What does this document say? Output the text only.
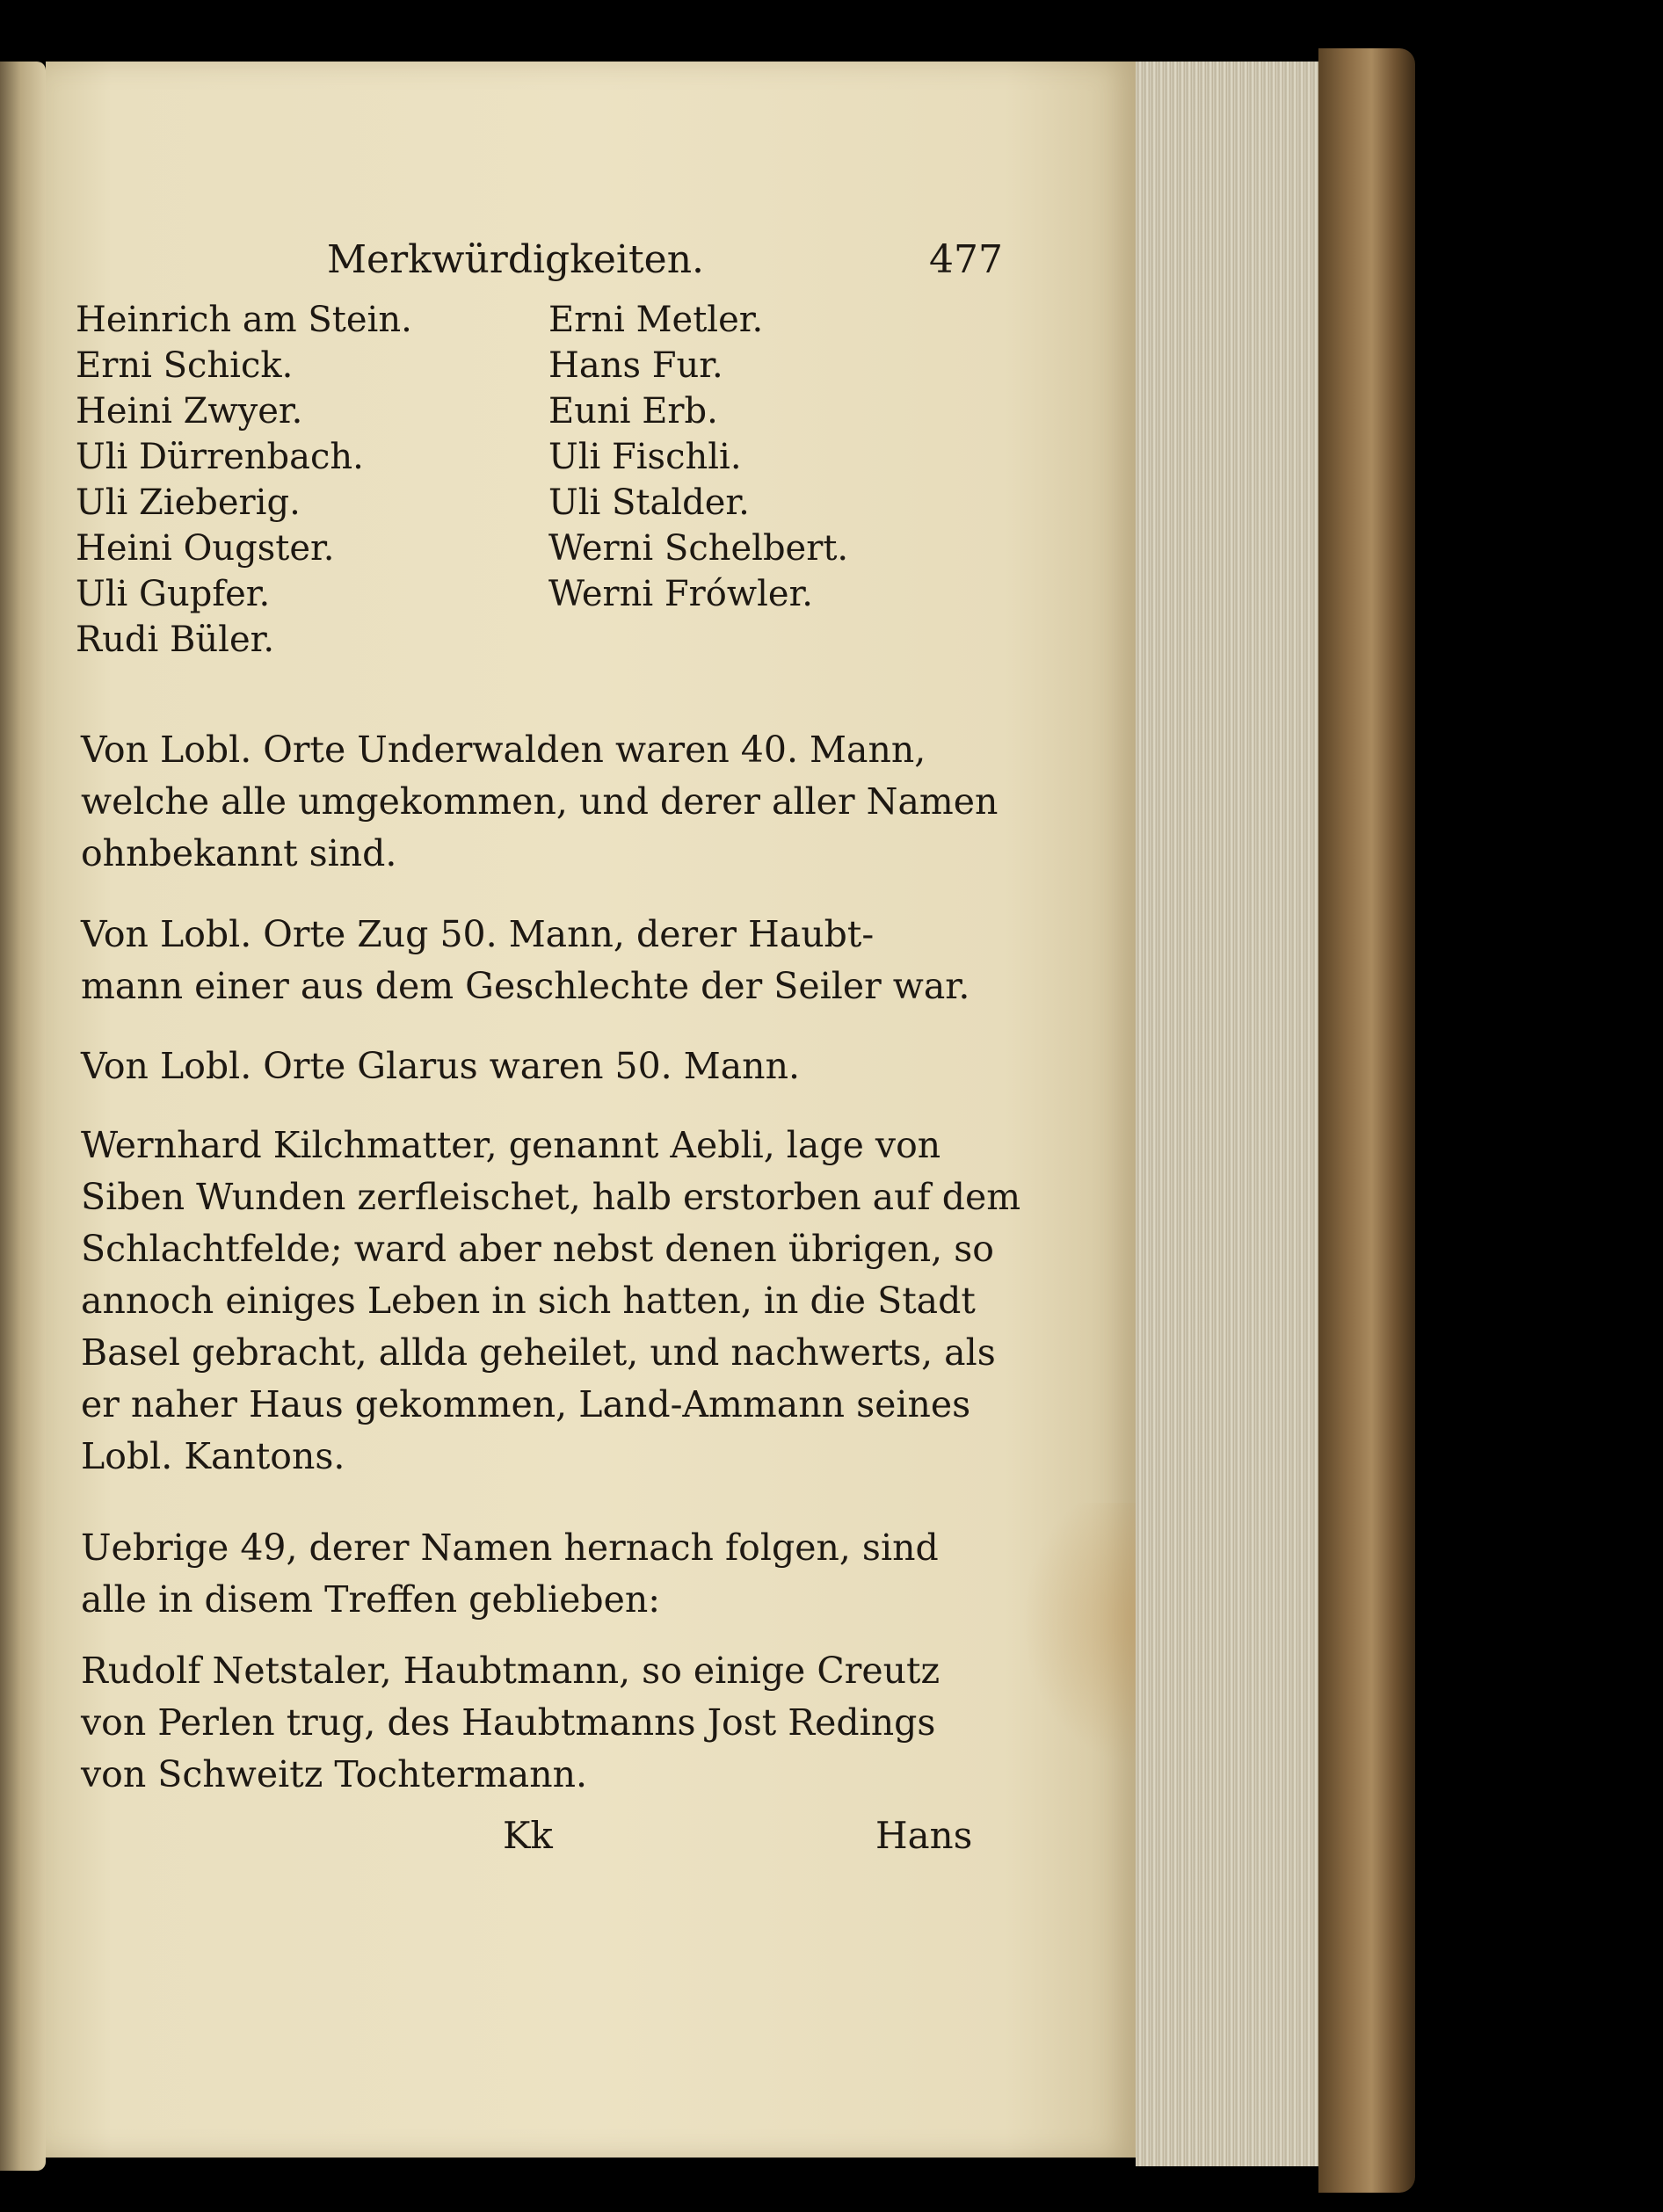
Merkwürdigkeiten.	477
Heinrich am Stein.
Erni Schick.
Heini Zwyer.
Uli Dürrenbach.
Uli Zieberig.
Heini Ougster.
Uli Gupfer.
Rudi Büler.
Erni Metler.
Hans Fur.
Euni Erb.
Uli Fischli.
Uli Stalder.
Werni Schelbert.
Werni Frówler.
Von Lobl. Orte Underwalden waren 40. Mann,
welche alle umgekommen, und derer aller Namen
ohnbekannt sind.
Von Lobl. Orte Zug 50. Mann, derer Haubt-
mann einer aus dem Geschlechte der Seiler war.
Von Lobl. Orte Glarus waren 50. Mann.
Wernhard Kilchmatter, genannt Aebli, lage von
Siben Wunden zerfleischet, halb erstorben auf dem
Schlachtfelde; ward aber nebst denen übrigen, so
annoch einiges Leben in sich hatten, in die Stadt
Basel gebracht, allda geheilet, und nachwerts, als
er naher Haus gekommen, Land-Ammann seines
Lobl. Kantons.
Uebrige 49, derer Namen hernach folgen, sind
alle in disem Treffen geblieben:
Rudolf Netstaler, Haubtmann, so einige Creutz
von Perlen trug, des Haubtmanns Jost Redings
von Schweitz Tochtermann.
Kk	Hans
